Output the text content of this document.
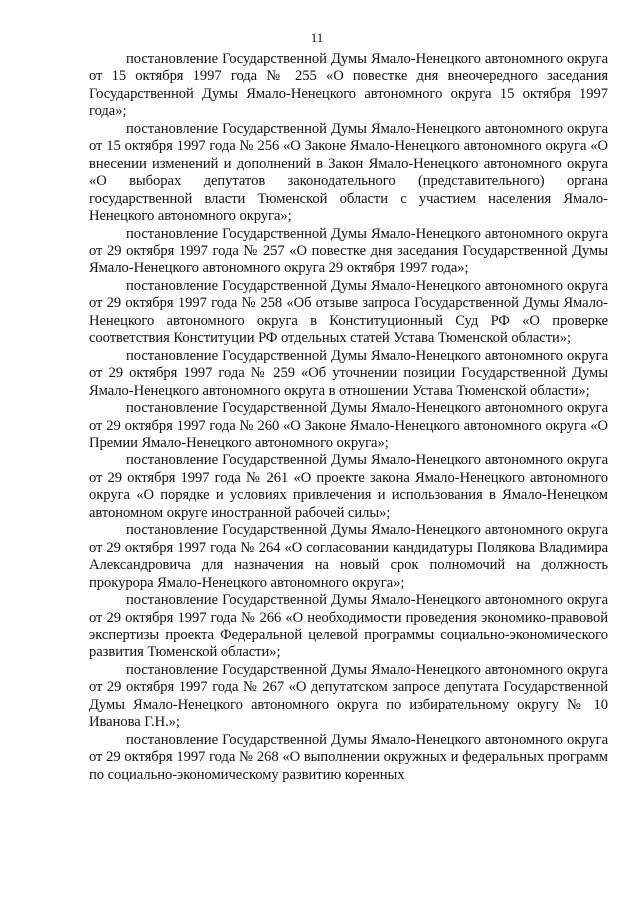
11

постановление Государственной Думы Ямало-Ненецкого автономного округа от 15 октября 1997 года № 255 «О повестке дня внеочередного заседания Государственной Думы Ямало-Ненецкого автономного округа 15 октября 1997 года»;

постановление Государственной Думы Ямало-Ненецкого автономного округа от 15 октября 1997 года № 256 «О Законе Ямало-Ненецкого автономного округа «О внесении изменений и дополнений в Закон Ямало-Ненецкого автономного округа «О выборах депутатов законодательного (представительного) органа государственной власти Тюменской области с участием населения Ямало-Ненецкого автономного округа»;

постановление Государственной Думы Ямало-Ненецкого автономного округа от 29 октября 1997 года № 257 «О повестке дня заседания Государственной Думы Ямало-Ненецкого автономного округа 29 октября 1997 года»;

постановление Государственной Думы Ямало-Ненецкого автономного округа от 29 октября 1997 года № 258 «Об отзыве запроса Государственной Думы Ямало-Ненецкого автономного округа в Конституционный Суд РФ «О проверке соответствия Конституции РФ отдельных статей Устава Тюменской области»;

постановление Государственной Думы Ямало-Ненецкого автономного округа от 29 октября 1997 года № 259 «Об уточнении позиции Государственной Думы Ямало-Ненецкого автономного округа в отношении Устава Тюменской области»;

постановление Государственной Думы Ямало-Ненецкого автономного округа от 29 октября 1997 года № 260 «О Законе Ямало-Ненецкого автономного округа «О Премии Ямало-Ненецкого автономного округа»;

постановление Государственной Думы Ямало-Ненецкого автономного округа от 29 октября 1997 года № 261 «О проекте закона Ямало-Ненецкого автономного округа «О порядке и условиях привлечения и использования в Ямало-Ненецком автономном округе иностранной рабочей силы»;

постановление Государственной Думы Ямало-Ненецкого автономного округа от 29 октября 1997 года № 264 «О согласовании кандидатуры Полякова Владимира Александровича для назначения на новый срок полномочий на должность прокурора Ямало-Ненецкого автономного округа»;

постановление Государственной Думы Ямало-Ненецкого автономного округа от 29 октября 1997 года № 266 «О необходимости проведения экономико-правовой экспертизы проекта Федеральной целевой программы социально-экономического развития Тюменской области»;

постановление Государственной Думы Ямало-Ненецкого автономного округа от 29 октября 1997 года № 267 «О депутатском запросе депутата Государственной Думы Ямало-Ненецкого автономного округа по избирательному округу № 10 Иванова Г.Н.»;

постановление Государственной Думы Ямало-Ненецкого автономного округа от 29 октября 1997 года № 268 «О выполнении окружных и федеральных программ по социально-экономическому развитию коренных
